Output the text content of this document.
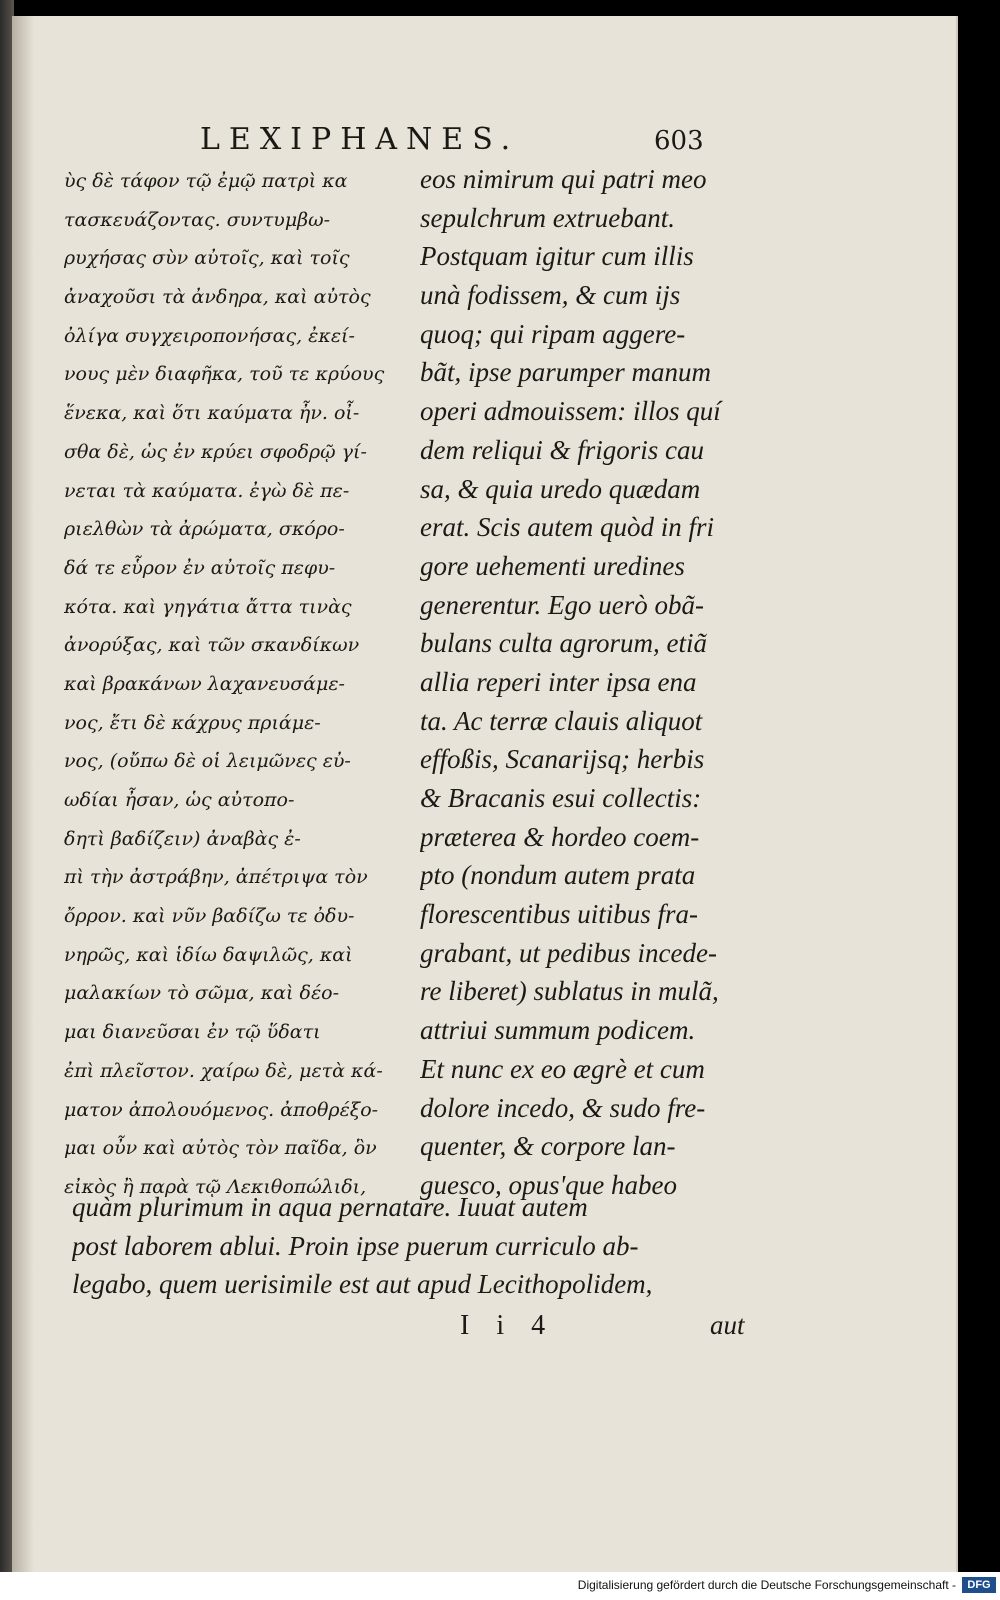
LEXIPHANES.	603
ὺς δὲ τάφον τῷ ἐμῷ πατρὶ κα
τασκευάζοντας. συντυμβω-
ρυχήσας σὺν αὐτοῖς, καὶ τοῖς
ἀναχοῦσι τὰ ἀνδηρα, καὶ αὐτὸς
ὀλίγα συγχειροπονήσας, ἐκεί-
νους μὲν διαφῆκα, τοῦ τε κρύους
ἕνεκα, καὶ ὅτι καύματα ἦν. οἶ-
σθα δὲ, ὡς ἐν κρύει σφοδρῷ γί-
νεται τὰ καύματα. ἐγὼ δὲ πε-
ριελθὼν τὰ ἀρώματα, σκόρο-
δά τε εὗρον ἐν αὐτοῖς πεφυ-
κότα. καὶ γηγάτια ἄττα τινὰς
ἀνορύξας, καὶ τῶν σκανδίκων
καὶ βρακάνων λαχανευσάμε-
νος, ἔτι δὲ κάχρυς πριάμε-
νος, (οὔπω δὲ οἱ λειμῶνες εὐ-
ωδίαι ἦσαν, ὡς αὐτοπο-
δητὶ βαδίζειν) ἀναβὰς ἐ-
πὶ τὴν ἀστράβην, ἀπέτριψα τὸν
ὄρρον. καὶ νῦν βαδίζω τε ὀδυ-
νηρῶς, καὶ ἱδίω δαψιλῶς, καὶ
μαλακίων τὸ σῶμα, καὶ δέο-
μαι διανεῦσαι ἐν τῷ ὕδατι
ἐπὶ πλεῖστον. χαίρω δὲ, μετὰ κά-
ματον ἀπολουόμενος. ἀποθρέξο-
μαι οὖν καὶ αὐτὸς τὸν παῖδα, ὃν
εἰκὸς ἢ παρὰ τῷ Λεκιθοπώλιδι,
eos nimirum qui patri meo
sepulchrum extruebant.
Postquam igitur cum illis
unà fodissem, & cum ijs
quoq; qui ripam aggere-
bãt, ipse parumper manum
operi admouissem: illos quí
dem reliqui & frigoris cau
sa, & quia uredo quædam
erat. Scis autem quòd in fri
gore uehementi uredines
generentur. Ego uerò obã-
bulans culta agrorum, etiã
allia reperi inter ipsa ena
ta. Ac terræ clauis aliquot
effoßis, Scanarijsq; herbis
& Bracanis esui collectis:
præterea & hordeo coem-
pto (nondum autem prata
florescentibus uitibus fra-
grabant, ut pedibus incede-
re liberet) sublatus in mulã,
attriui summum podicem.
Et nunc ex eo ægrè et cum
dolore incedo, & sudo fre-
quenter, & corpore lan-
guesco, opus'que habeo
quàm plurimum in aqua pernatare. Iuuat autem
post laborem ablui. Proin ipse puerum curriculo ab-
legabo, quem uerisimile est aut apud Lecithopolidem,
I i 4	aut
Digitalisierung gefördert durch die Deutsche Forschungsgemeinschaft -	DFG
